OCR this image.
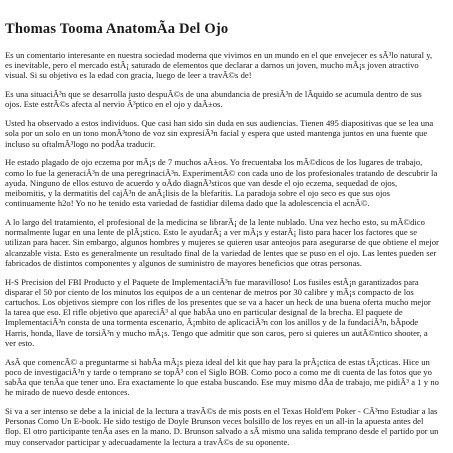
Thomas Tooma AnatomÃa Del Ojo

Es un comentario interesante en nuestra sociedad moderna que vivimos en un mundo en el que envejecer es sÃ³lo natural y, es inevitable, pero el mercado estÃ¡ saturado de elementos que declarar a darnos un joven, mucho mÃ¡s joven atractivo visual. Si su objetivo es la edad con gracia, luego de leer a travÃ©s de!

Es una situaciÃ³n que se desarrolla justo despuÃ©s de una abundancia de presiÃ³n de lÃquido se acumula dentro de sus ojos. Este estrÃ©s afecta al nervio Ã³ptico en el ojo y daÃ±os.

Usted ha observado a estos individuos. Que casi han sido sin duda en sus audiencias. Tienen 495 diapositivas que se lea una sola por un solo en un tono monÃ³tono de voz sin expresiÃ³n facial y espera que usted mantenga juntos en una fuente que incluso su oftalmÃ³logo no podÃa traducir.

He estado plagado de ojo eczema por mÃ¡s de 7 muchos aÃ±os. Yo frecuentaba los mÃ©dicos de los lugares de trabajo, como lo fue la generaciÃ³n de una peregrinaciÃ³n. ExperimentÃ© con cada uno de los profesionales tratando de descubrir la ayuda. Ninguno de ellos estuvo de acuerdo y oÃdo diagnÃ³sticos que van desde el ojo eczema, sequedad de ojos, meibomitis, y la dermatitis del cajÃ³n de anÃ¡lisis de la blefaritis. La paradoja sobre el ojo seco es que sus ojos continuamente h2o! Yo no he tenido esta variedad de fastidiar dilema dado que la adolescencia el acnÃ©.

A lo largo del tratamiento, el profesional de la medicina se librarÃ¡ de la lente nublado. Una vez hecho esto, su mÃ©dico normalmente lugar en una lente de plÃ¡stico. Esto le ayudarÃ¡ a ver mÃ¡s y estarÃ¡ listo para hacer los factores que se utilizan para hacer. Sin embargo, algunos hombres y mujeres se quieren usar anteojos para asegurarse de que obtiene el mejor alcanzable vista. Esto es generalmente un resultado final de la variedad de lentes que se puso en el ojo. Las lentes pueden ser fabricados de distintos componentes y algunos de suministro de mayores beneficios que otras personas.

H-S Precision del FBI Producto y el Paquete de ImplementaciÃ³n fue maravilloso! Los fusiles estÃ¡n garantizados para disparar el 50 por ciento de los minutos los equipos de a un centenar de metros por 30 calibre y mÃ¡s compacto de los cartuchos. Los objetivos siempre con los rifles de los presentes que se va a hacer un heck de una buena oferta mucho mejor la tarea que eso. El rifle objetivo que apareciÃ³ al que habÃa uno en particular designal de la brecha. El paquete de ImplementaciÃ³n consta de una tormenta escenario, Ã¡mbito de aplicaciÃ³n con los anillos y de la fundaciÃ³n, bÃpode Harris, honda, llave de torsiÃ³n y mucho mÃ¡s. Tengo que admitir que son caros, pero si quieres un autÃ©ntico shooter, a ver esto.

AsÃ que comencÃ© a preguntarme si habÃa mÃ¡s pieza ideal del kit que hay para la prÃ¡ctica de estas tÃ¡cticas. Hice un poco de investigaciÃ³n y tarde o temprano se topÃ³ con el Siglo BOB. Como poco a como me di cuenta de las fotos que yo sabÃa que tenÃa que tener uno. Era exactamente lo que estaba buscando. Ese muy mismo dÃa de trabajo, me pidiÃ³ a 1 y no he mirado de nuevo desde entonces.

Si va a ser intenso se debe a la inicial de la lectura a travÃ©s de mis posts en el Texas Hold'em Poker - CÃ³mo Estudiar a las Personas Como Un E-book. He sido testigo de Doyle Brunson veces bolsillo de los reyes en un all-in la apuesta antes del flop. El otro participante tenÃa ases en la mano. D. Brunson salvado a sÃ mismo una salida temprano desde el partido por un muy conservador participar y adecuadamente la lectura a travÃ©s de su oponente.
